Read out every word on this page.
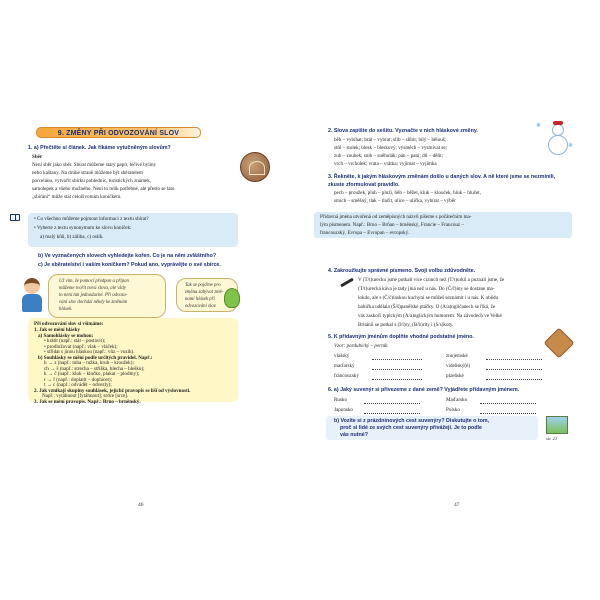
9. ZMĚNY PŘI ODVOZOVÁNÍ SLOV
1. a) Přečtěte si článek. Jak říkáme vytučněným slovům?
Sběr
Není sběr jako sběr. Sbírat můžeme starý papír, léčivé byliny
nebo kaštany. Na druhé straně můžeme být sběratelem
porcelánu, vytvořit sbírku pohlednic, turistických známek,
samolepek a všeho možného. Není to tolik potřebné, ale přesto se tato
„sbírání“ může stát celoživotním koníčkem.
• Co všechno můžeme pojmout informaci z textu sbírat?
• Vyberte z textu synonymum ke slovu koníček:
a) malý kůň, b) záliba, c) oslík.
b) Ve vyznačených slovech vyhledejte kořen. Co je na něm zvláštního?
c) Je sběratelství i vaším koníčkem? Pokud ano, vyprávějte o své sbírce.
Už vím, že pomocí předpon a přípon
můžeme tvořit nová slova, ale vždy
to není tak jednoduché. Při odvozo-
vání slov dochází někdy ke změnám
hlásek.
Tak se pojďme pro
změnu zabývat změ-
nami hlásek při
odvozování slov.
Při odvozování slov si všímáme:
1. Jak se mění hlásky
a) Samohlásky se mohou:
• krátit (např.: stát – postavit);
• prodlužovat (např.: vlak – vláček);
• střídat s jinou hláskou (např.: vůz – vozík).
b) Souhlásky se mění podle určitých pravidel. Např.:
h → z (např.: tuha – tužka, kruh – kroužek);
ch → š (např.: strecha – stříška, blecha – blešku);
k → č (např.: kluk – klučko, plakat – plodtny);
r → ř (např.: doplatit – doplácet);
t → c (např.: odvádět – odvezly);
2. Jak vznikají skupiny souhlásek, jejichž pravopis se liší od výslovnosti.
Např.: vytáhnout [fytáhnout]; srdce [srce].
3. Jak se mění pravopis. Např.: Brno – brněnský.
46
❄
❄
2. Slova zapište do sešitu. Vyznačte v nich hláskové změny.
běh – vybíhat; brát – vybrat; slib – slíbit; bílý – bělouš;
stůl – stolek; blesk – bleskový; výsměch – vysmívat se;
zub – zoubek; snih – sněhulák; pán – paní; díl – dělit;
vrch – vrcholek; vrata – vrátka; vyjímat – vyjímka
3. Řekněte, k jakým hláskovým změnám došlo u daných slov. A ně které jsme se nezmínili, zkuste zformulovat pravidlo.
pech – proužek, pluh – pluží, běh – běžet, kluk – klouček, hluk – hlučet,
smích – směšný, tlak – tlačit, ulice – ulička, vybírat – výběr
Přídavná jména utvořená od zeměpisných názvů píšeme s počátečním ma-
lým písmenem. Např.: Brno – Brňan – brněnský, Francie – Francouz –
francouzský, Evropa – Evropan – evropský.
4. Zakroužkujte správné písmeno. Svoji volbu zdůvodněte.
V (T/t)urecku jsme potkali více cizinců než (T/t)urků a poznali jsme, že
(T/t)urecká káva je tady jiná než u nás. Do (Č/č)íny se dostane ma-
lokdo, ale s (Č/č)ínskou kuchyní se můžeš seznámit i u nás. K obědu
babička udělala (Š/š)panělské ptáčky. O (A/a)ngličanech se říká, že
vás zaskočí typickým (A/a)nglickým humorem. Na závodech ve Velké
Británii se potkal s (I/i)ry, (B/b)rity i (S/s)koty.
5. K přídavným jménům doplňte vhodné podstatné jméno.
Vzor: pardubický – perník.
vlašský	znojemské
maďarský	vídeňský(é)
francouzský	plzeňské
6. a) Jaký suvenýr si přivezeme z dané země? Vyjádřete přídavným jménem.
Rusko	Maďarsko
Japonsko	Polsko
b) Vozíte si z prázdninových cest suvenýry? Diskutujte o tom,
proč si lidé ze svých cest suvenýry přivážejí. Je to podle
vás nutné?
str. 21
47
